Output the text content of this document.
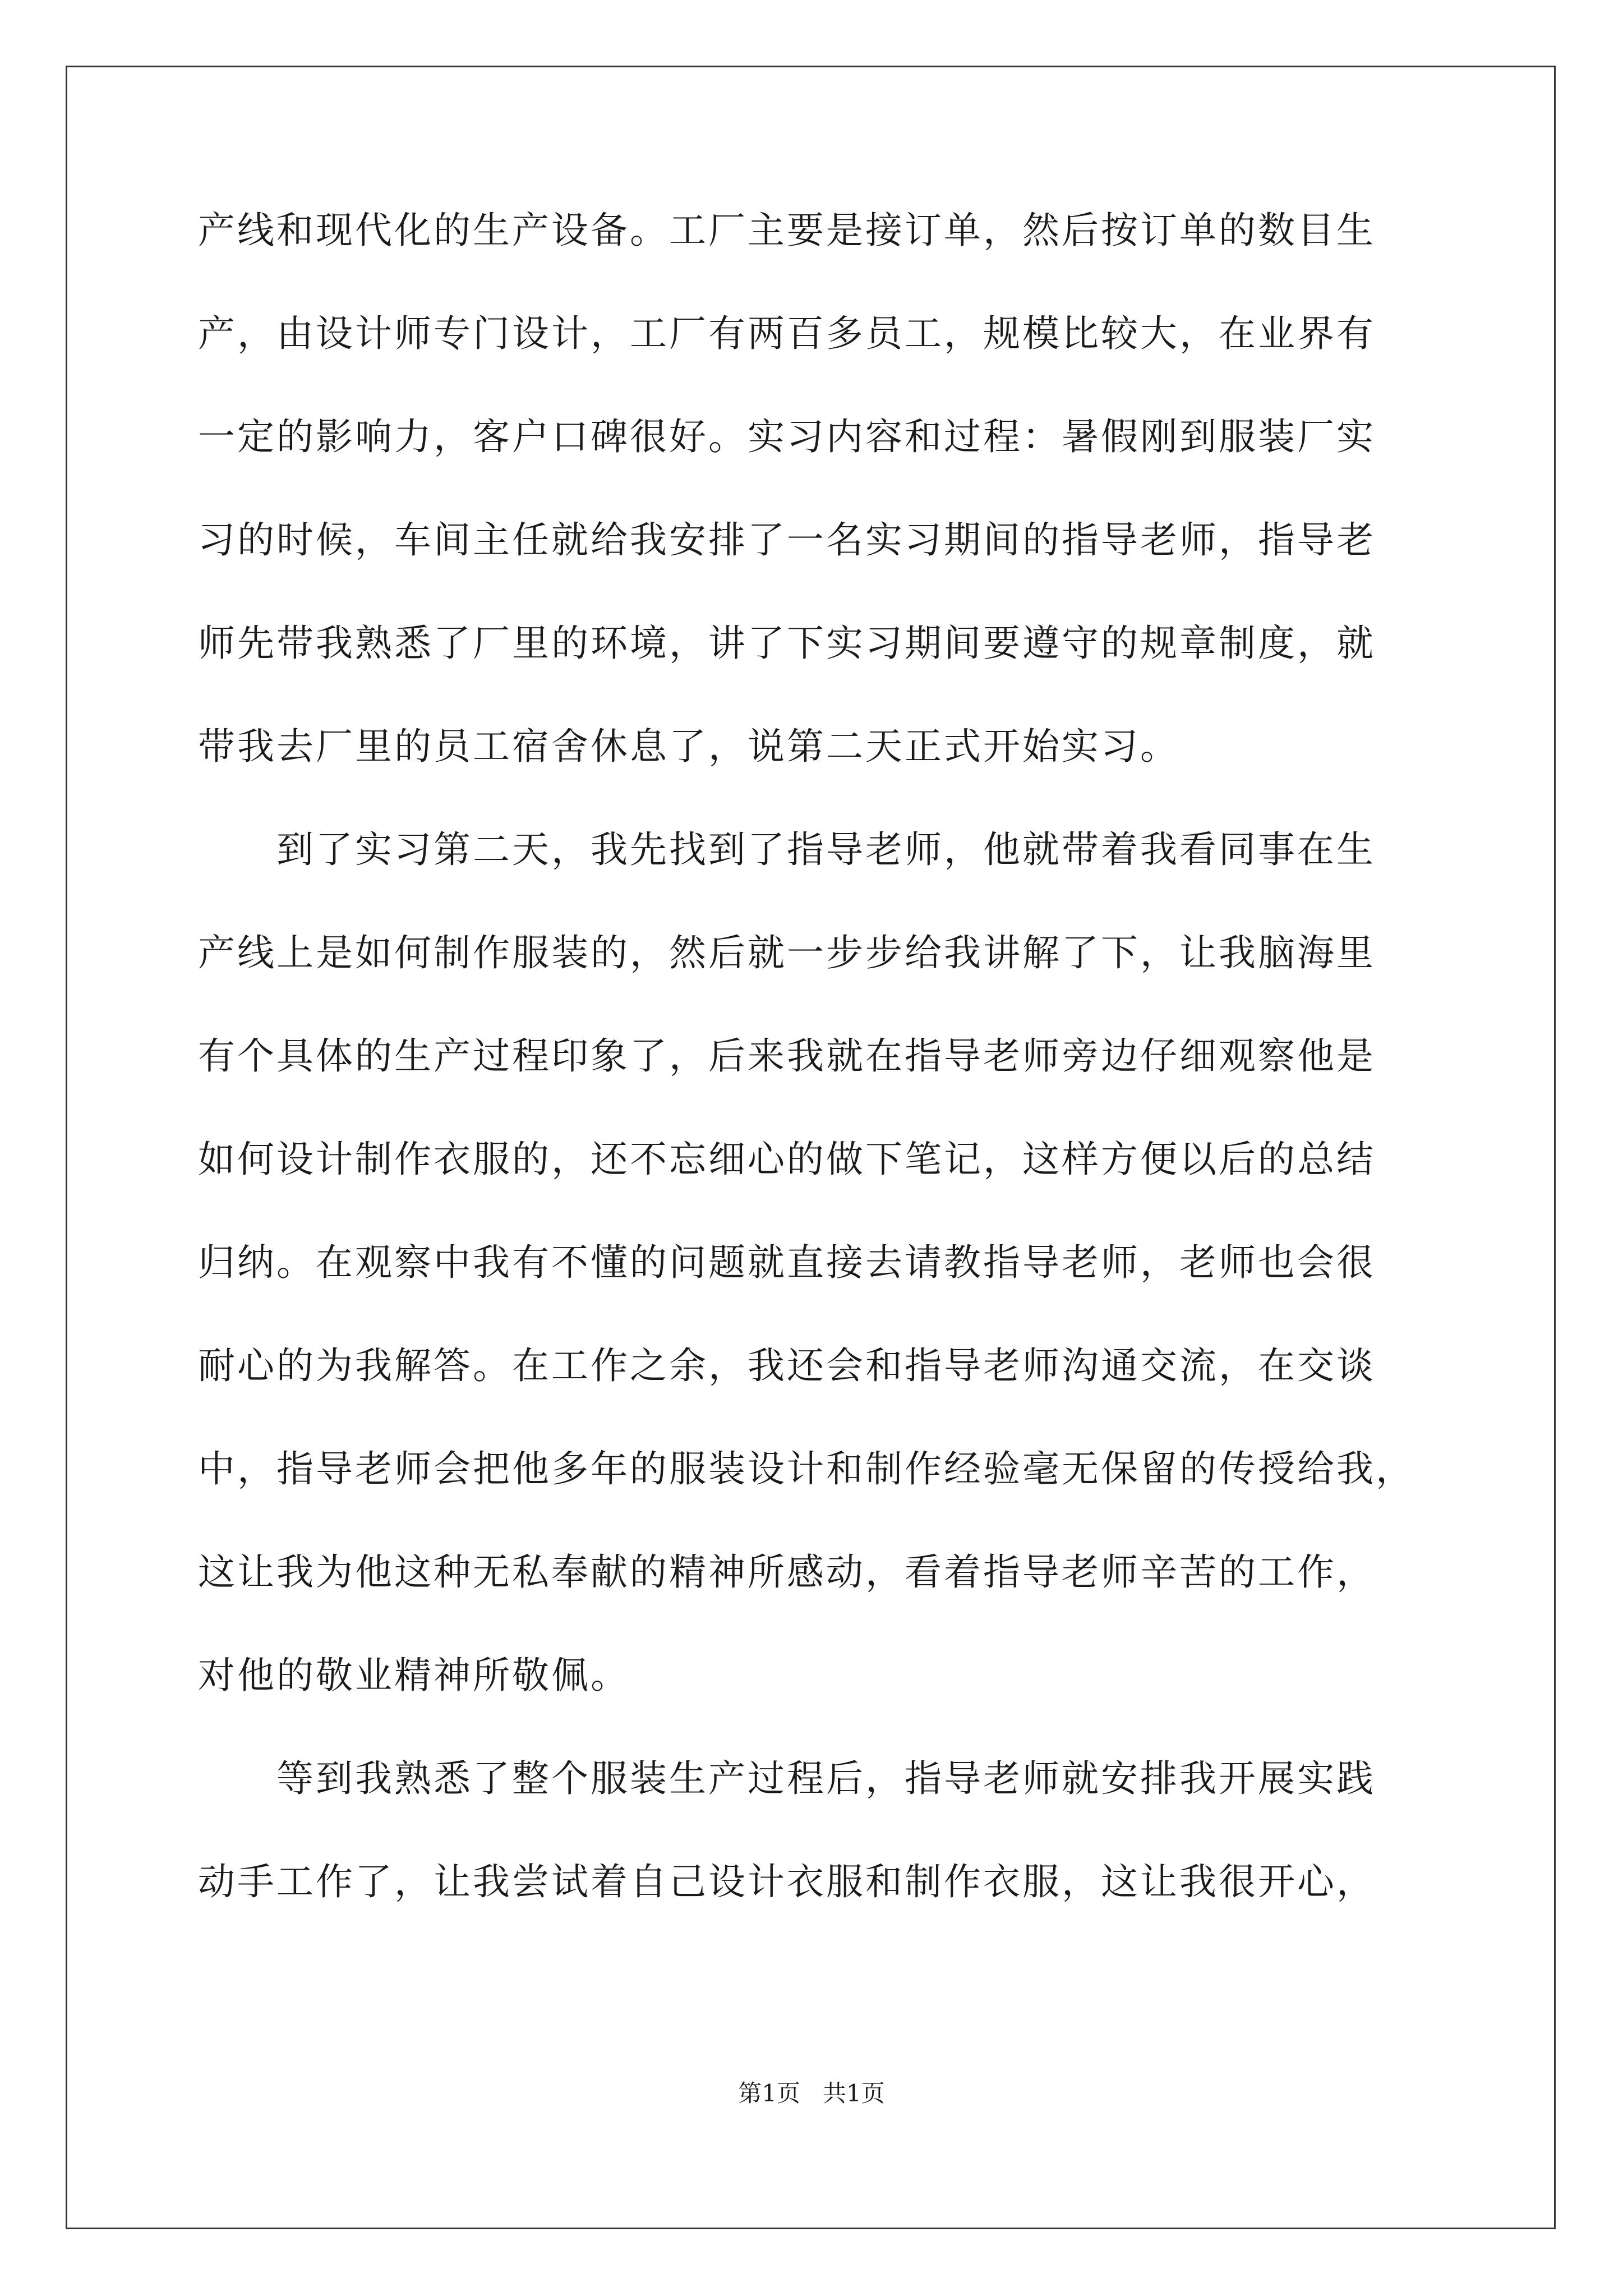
产线和现代化的生产设备。工厂主要是接订单，然后按订单的数目生
产，由设计师专门设计，工厂有两百多员工，规模比较大，在业界有
一定的影响力，客户口碑很好。实习内容和过程：暑假刚到服装厂实
习的时候，车间主任就给我安排了一名实习期间的指导老师，指导老
师先带我熟悉了厂里的环境，讲了下实习期间要遵守的规章制度，就
带我去厂里的员工宿舍休息了，说第二天正式开始实习。
　　到了实习第二天，我先找到了指导老师，他就带着我看同事在生
产线上是如何制作服装的，然后就一步步给我讲解了下，让我脑海里
有个具体的生产过程印象了，后来我就在指导老师旁边仔细观察他是
如何设计制作衣服的，还不忘细心的做下笔记，这样方便以后的总结
归纳。在观察中我有不懂的问题就直接去请教指导老师，老师也会很
耐心的为我解答。在工作之余，我还会和指导老师沟通交流，在交谈
中，指导老师会把他多年的服装设计和制作经验毫无保留的传授给我，
这让我为他这种无私奉献的精神所感动，看着指导老师辛苦的工作，
对他的敬业精神所敬佩。
　　等到我熟悉了整个服装生产过程后，指导老师就安排我开展实践
动手工作了，让我尝试着自己设计衣服和制作衣服，这让我很开心，
第1页   共1页
